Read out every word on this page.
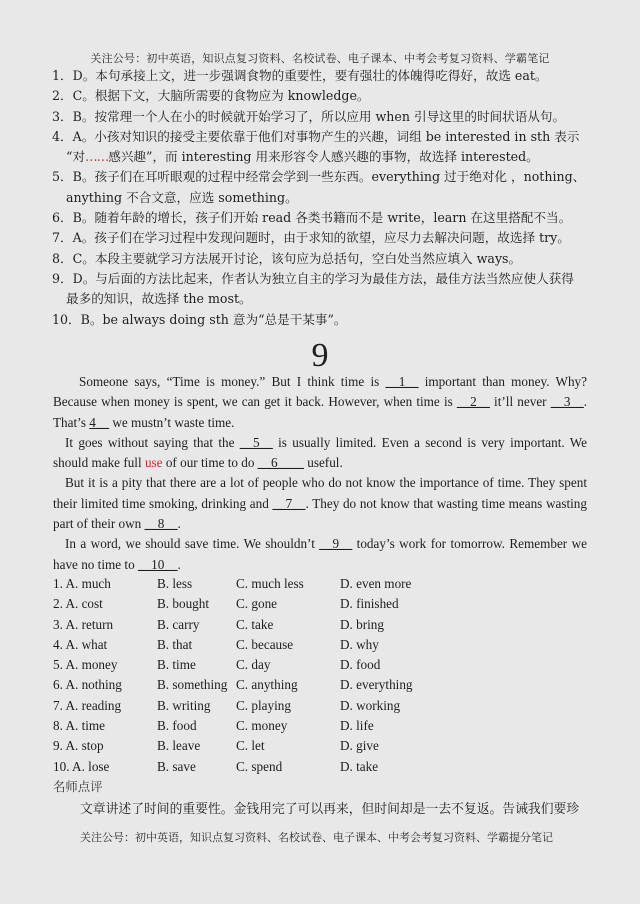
关注公号：初中英语，知识点复习资料、名校试卷、电子课本、中考会考复习资料、学霸笔记
1．D。本句承接上文，进一步强调食物的重要性，要有强壮的体魄得吃得好，故选 eat。
2．C。根据下文，大脑所需要的食物应为 knowledge。
3．B。按常理一个人在小的时候就开始学习了，所以应用 when 引导这里的时间状语从句。
4．A。小孩对知识的接受主要依靠于他们对事物产生的兴趣，词组 be interested in sth 表示
“对……感兴趣”，而 interesting 用来形容令人感兴趣的事物，故选择 interested。
5．B。孩子们在耳听眼观的过程中经常会学到一些东西。everything 过于绝对化 ，nothing、
anything 不合文意，应选 something。
6．B。随着年龄的增长，孩子们开始 read 各类书籍而不是 write，learn 在这里搭配不当。
7．A。孩子们在学习过程中发现问题时，由于求知的欲望，应尽力去解决问题，故选择 try。
8．C。本段主要就学习方法展开讨论，该句应为总括句，空白处当然应填入 ways。
9．D。与后面的方法比起来，作者认为独立自主的学习为最佳方法，最佳方法当然应使人获得
最多的知识，故选择 the most。
10．B。be always doing sth 意为“总是干某事”。
9

Someone says, “Time is money.” But I think time is __1__ important than money. Why? Because when money is spent, we can get it back. However, when time is __2__ it’ll never __3__. That’s 4__ we mustn’t waste time.

It goes without saying that the __5__ is usually limited. Even a second is very important. We should make full use of our time to do __6____ useful.

But it is a pity that there are a lot of people who do not know the importance of time. They spent their limited time smoking, drinking and __7__. They do not know that wasting time means wasting part of their own __8__.

In a word, we should save time. We shouldn’t __9__ today’s work for tomorrow. Remember we have no time to __10__.

1. A. much	B. less	C. much less	D. even more
2. A. cost	B. bought	C. gone	D. finished
3. A. return	B. carry	C. take	D. bring
4. A. what	B. that	C. because	D. why
5. A. money	B. time	C. day	D. food
6. A. nothing	B. something C. anything	D. everything
7. A. reading	B. writing	C. playing	D. working
8. A. time	B. food	C. money	D. life
9. A. stop	B. leave	C. let	D. give
10. A. lose	B. save	C. spend	D. take
名师点评
文章讲述了时间的重要性。金钱用完了可以再来，但时间却是一去不复返。告诫我们要珍
关注公号：初中英语，知识点复习资料、名校试卷、电子课本、中考会考复习资料、学霸提分笔记
